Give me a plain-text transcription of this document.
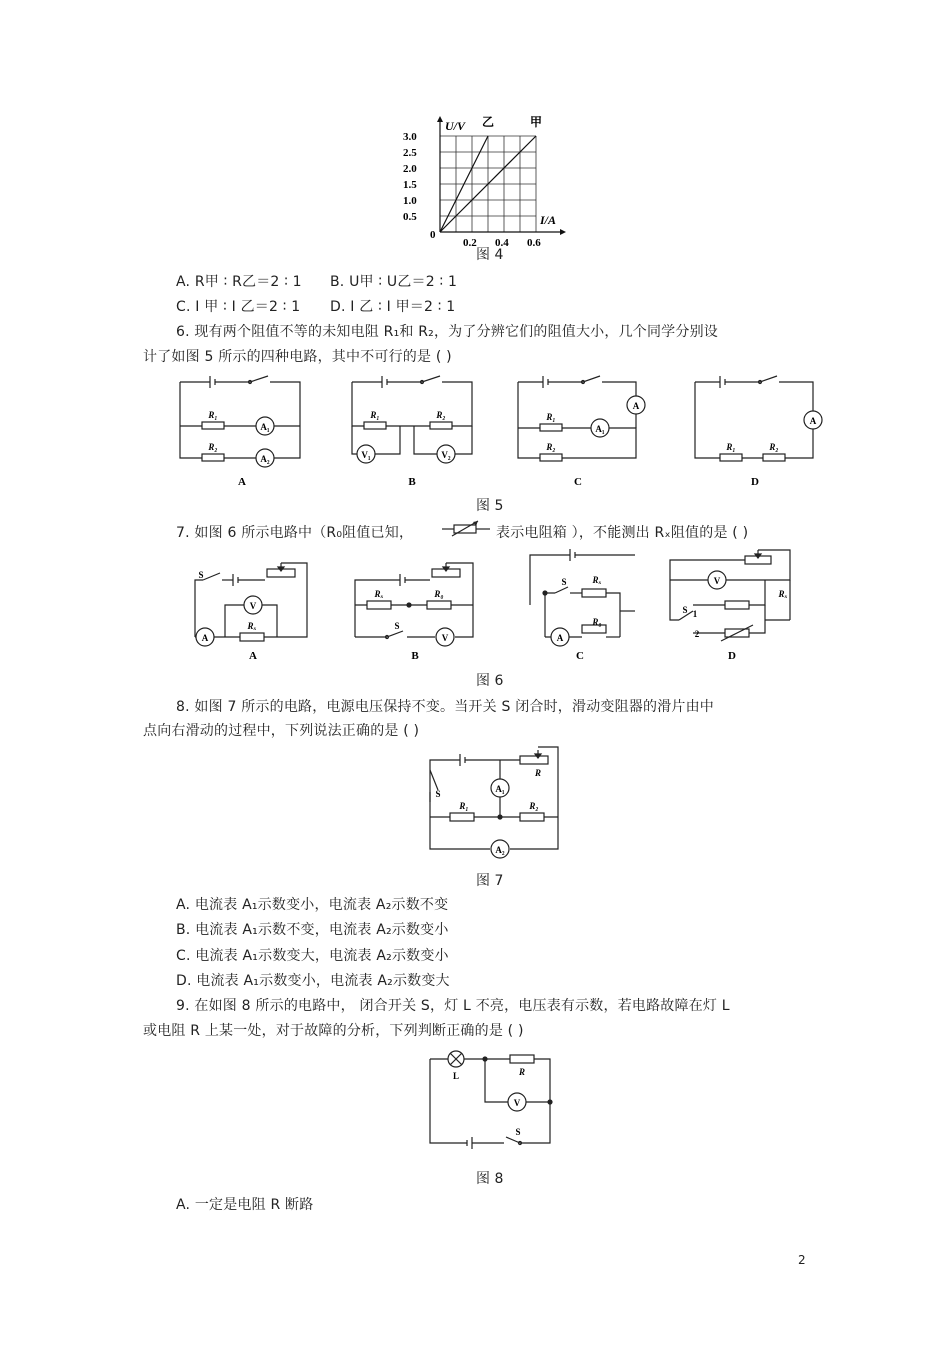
U/V
I/A
0
0.5
1.0
1.5
2.0
2.5
3.0
0.2 0.4 0.6
乙	甲
图 4
A. R甲 ∶ R乙＝2 ∶ 1 B. U甲 ∶ U乙＝2 ∶ 1
C. I 甲 ∶ I 乙＝2 ∶ 1 D. I 乙 ∶ I 甲＝2 ∶ 1
6. 现有两个阻值不等的未知电阻 R₁和 R₂，为了分辨它们的阻值大小，几个同学分别设
计了如图 5 所示的四种电路，其中不可行的是 ( )
R₁
A₁
R₂
A₂
R₁	R₂
V₁	V₂
R₁
A₁
A
R₂	R₁	R₂
A
A	B	C	D
图 5
7. 如图 6 所示电路中（R₀阻值已知，	表示电阻箱 ），不能测出 Rₓ阻值的是 ( )
S
V
Rₓ
A
Rₓ	R₀
S
V
S	Rₓ
R₀
A
V
Rₓ
S 1
2
A	B	C	D
图 6
8. 如图 7 所示的电路，电源电压保持不变。当开关 S 闭合时，滑动变阻器的滑片由中
点向右滑动的过程中，下列说法正确的是 ( )
R
S
R₁	R₂
A₁
A₂
图 7
A. 电流表 A₁示数变小，电流表 A₂示数不变
B. 电流表 A₁示数不变，电流表 A₂示数变小
C. 电流表 A₁示数变大，电流表 A₂示数变小
D. 电流表 A₁示数变小，电流表 A₂示数变大
9. 在如图 8 所示的电路中， 闭合开关 S，灯 L 不亮，电压表有示数，若电路故障在灯 L
或电阻 R 上某一处，对于故障的分析，下列判断正确的是 ( )
L	R
V
S
图 8
A. 一定是电阻 R 断路
2
